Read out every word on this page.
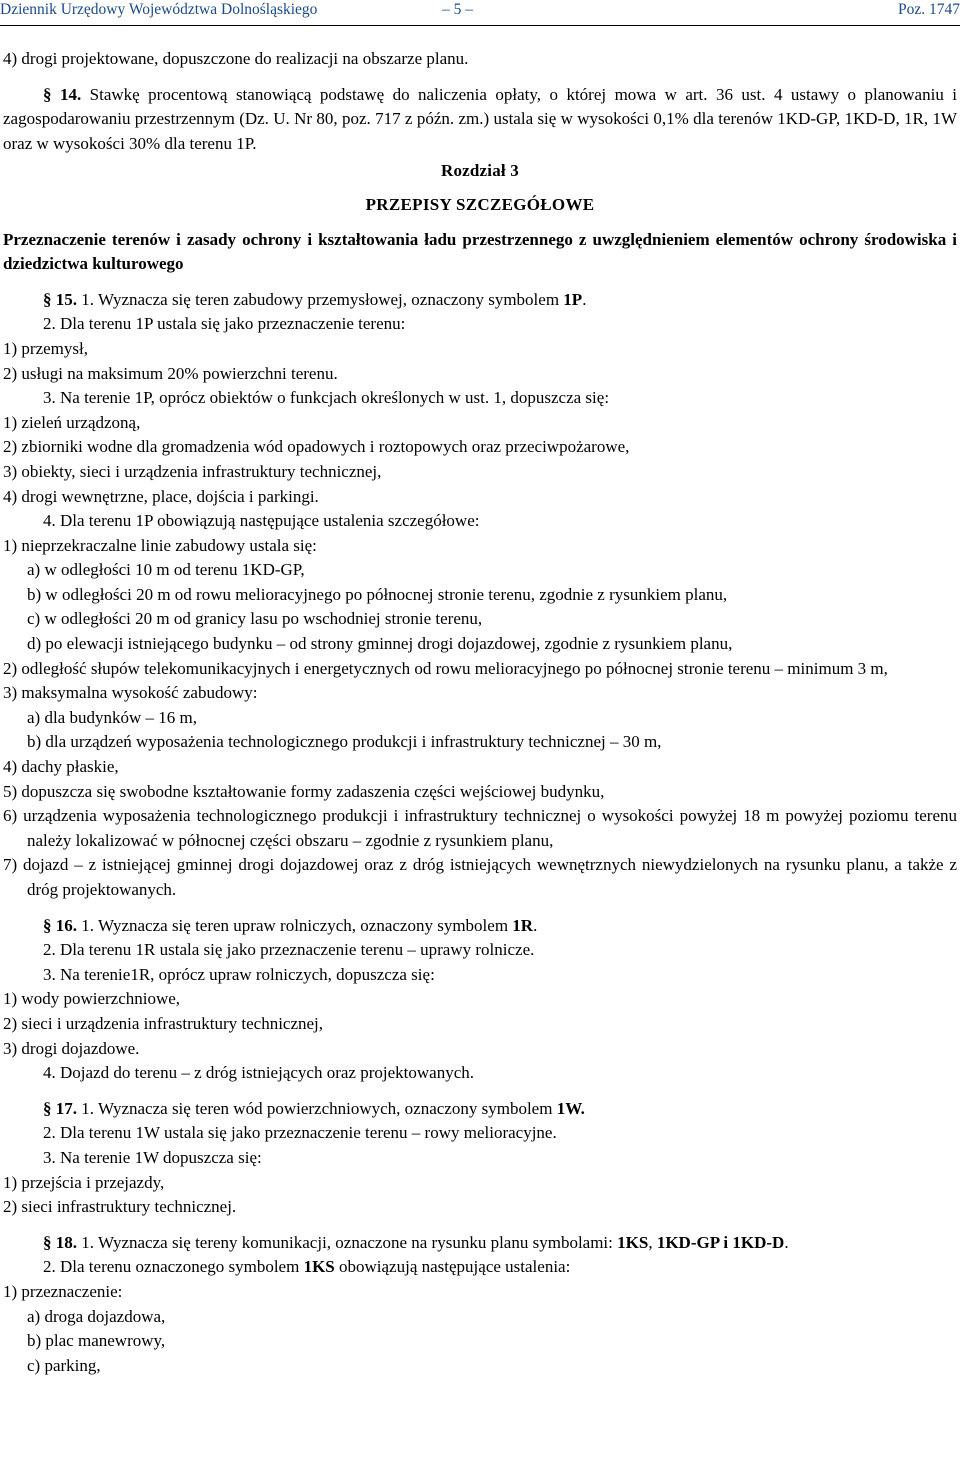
Dziennik Urzędowy Województwa Dolnośląskiego	– 5 –	Poz. 1747

4) drogi projektowane, dopuszczone do realizacji na obszarze planu.

§ 14. Stawkę procentową stanowiącą podstawę do naliczenia opłaty, o której mowa w art. 36 ust. 4 ustawy o planowaniu i zagospodarowaniu przestrzennym (Dz. U. Nr 80, poz. 717 z późn. zm.) ustala się w wysokości 0,1% dla terenów 1KD-GP, 1KD-D, 1R, 1W oraz w wysokości 30% dla terenu 1P.

Rozdział 3

PRZEPISY SZCZEGÓŁOWE

Przeznaczenie terenów i zasady ochrony i kształtowania ładu przestrzennego z uwzględnieniem elementów ochrony środowiska i dziedzictwa kulturowego

§ 15. 1. Wyznacza się teren zabudowy przemysłowej, oznaczony symbolem 1P.

2. Dla terenu 1P ustala się jako przeznaczenie terenu:

1) przemysł,

2) usługi na maksimum 20% powierzchni terenu.

3. Na terenie 1P, oprócz obiektów o funkcjach określonych w ust. 1, dopuszcza się:

1) zieleń urządzoną,

2) zbiorniki wodne dla gromadzenia wód opadowych i roztopowych oraz przeciwpożarowe,

3) obiekty, sieci i urządzenia infrastruktury technicznej,

4) drogi wewnętrzne, place, dojścia i parkingi.

4. Dla terenu 1P obowiązują następujące ustalenia szczegółowe:

1) nieprzekraczalne linie zabudowy ustala się:

a) w odległości 10 m od terenu 1KD-GP,

b) w odległości 20 m od rowu melioracyjnego po północnej stronie terenu, zgodnie z rysunkiem planu,

c) w odległości 20 m od granicy lasu po wschodniej stronie terenu,

d) po elewacji istniejącego budynku – od strony gminnej drogi dojazdowej, zgodnie z rysunkiem planu,

2) odległość słupów telekomunikacyjnych i energetycznych od rowu melioracyjnego po północnej stronie terenu – minimum 3 m,

3) maksymalna wysokość zabudowy:

a) dla budynków – 16 m,

b) dla urządzeń wyposażenia technologicznego produkcji i infrastruktury technicznej – 30 m,

4) dachy płaskie,

5) dopuszcza się swobodne kształtowanie formy zadaszenia części wejściowej budynku,

6) urządzenia wyposażenia technologicznego produkcji i infrastruktury technicznej o wysokości powyżej 18 m powyżej poziomu terenu należy lokalizować w północnej części obszaru – zgodnie z rysunkiem planu,

7) dojazd – z istniejącej gminnej drogi dojazdowej oraz z dróg istniejących wewnętrznych niewydzielonych na rysunku planu, a także z dróg projektowanych.

§ 16. 1. Wyznacza się teren upraw rolniczych, oznaczony symbolem 1R.

2. Dla terenu 1R ustala się jako przeznaczenie terenu – uprawy rolnicze.

3. Na terenie1R, oprócz upraw rolniczych, dopuszcza się:

1) wody powierzchniowe,

2) sieci i urządzenia infrastruktury technicznej,

3) drogi dojazdowe.

4. Dojazd do terenu – z dróg istniejących oraz projektowanych.

§ 17. 1. Wyznacza się teren wód powierzchniowych, oznaczony symbolem 1W.

2. Dla terenu 1W ustala się jako przeznaczenie terenu – rowy melioracyjne.

3. Na terenie 1W dopuszcza się:

1) przejścia i przejazdy,

2) sieci infrastruktury technicznej.

§ 18. 1. Wyznacza się tereny komunikacji, oznaczone na rysunku planu symbolami: 1KS, 1KD-GP i 1KD-D.

2. Dla terenu oznaczonego symbolem 1KS obowiązują następujące ustalenia:

1) przeznaczenie:

a) droga dojazdowa,

b) plac manewrowy,

c) parking,
